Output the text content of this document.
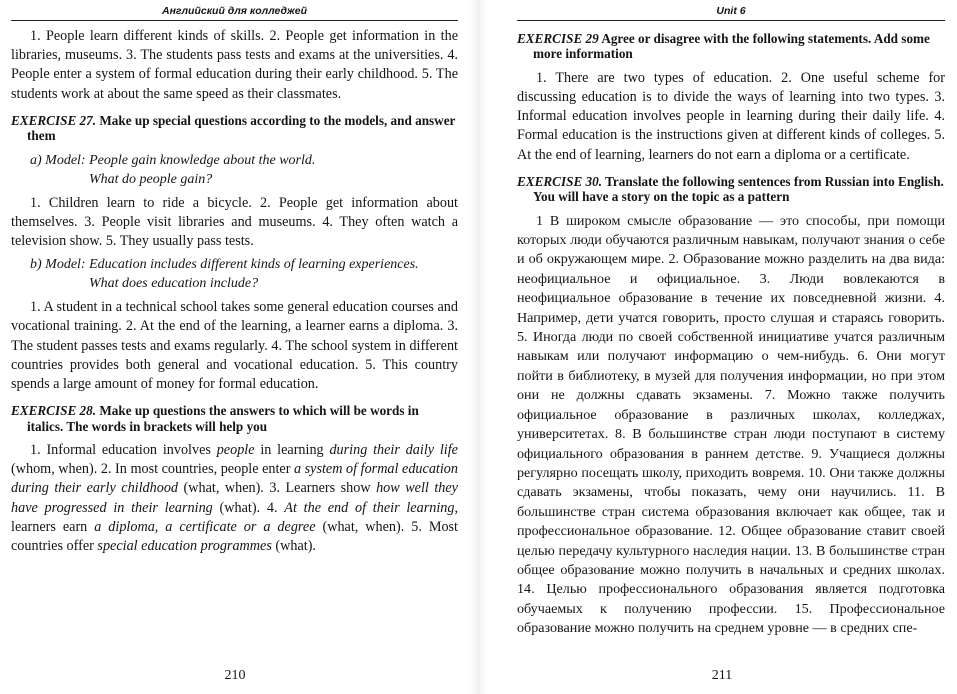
Английский для колледжей

1. People learn different kinds of skills. 2. People get information in the libraries, museums. 3. The students pass tests and exams at the universities. 4. People enter a system of formal education during their early childhood. 5. The students work at about the same speed as their classmates.

EXERCISE 27. Make up special questions according to the models, and answer them
a) Model: People gain knowledge about the world.
What do people gain?

1. Children learn to ride a bicycle. 2. People get information about themselves. 3. People visit libraries and museums. 4. They often watch a television show. 5. They usually pass tests.

b) Model: Education includes different kinds of learning experiences.
What does education include?

1. A student in a technical school takes some general education courses and vocational training. 2. At the end of the learning, a learner earns a diploma. 3. The student passes tests and exams regularly. 4. The school system in different countries provides both general and vocational education. 5. This country spends a large amount of money for formal education.

EXERCISE 28. Make up questions the answers to which will be words in italics. The words in brackets will help you

1. Informal education involves people in learning during their daily life (whom, when). 2. In most countries, people enter a system of formal education during their early childhood (what, when). 3. Learners show how well they have progressed in their learning (what). 4. At the end of their learning, learners earn a diploma, a certificate or a degree (what, when). 5. Most countries offer special education programmes (what).

210
Unit 6
EXERCISE 29 Agree or disagree with the following statements. Add some more information

1. There are two types of education. 2. One useful scheme for discussing education is to divide the ways of learning into two types. 3. Informal education involves people in learning during their daily life. 4. Formal education is the instructions given at different kinds of colleges. 5. At the end of learning, learners do not earn a diploma or a certificate.

EXERCISE 30. Translate the following sentences from Russian into English. You will have a story on the topic as a pattern

1 В широком смысле образование — это способы, при помощи которых люди обучаются различным навыкам, получают знания о себе и об окружающем мире. 2. Образование можно разделить на два вида: неофициальное и официальное. 3. Люди вовлекаются в неофициальное образование в течение их повседневной жизни. 4. Например, дети учатся говорить, просто слушая и стараясь говорить. 5. Иногда люди по своей собственной инициативе учатся различным навыкам или получают информацию о чем-нибудь. 6. Они могут пойти в библиотеку, в музей для получения информации, но при этом они не должны сдавать экзамены. 7. Можно также получить официальное образование в различных школах, колледжах, университетах. 8. В большинстве стран люди поступают в систему официального образования в раннем детстве. 9. Учащиеся должны регулярно посещать школу, приходить вовремя. 10. Они также должны сдавать экзамены, чтобы показать, чему они научились. 11. В большинстве стран система образования включает как общее, так и профессиональное образование. 12. Общее образование ставит своей целью передачу культурного наследия нации. 13. В большинстве стран общее образование можно получить в начальных и средних школах. 14. Целью профессионального образования является подготовка обучаемых к получению профессии. 15. Профессиональное образование можно получить на среднем уровне — в средних спе-

211
